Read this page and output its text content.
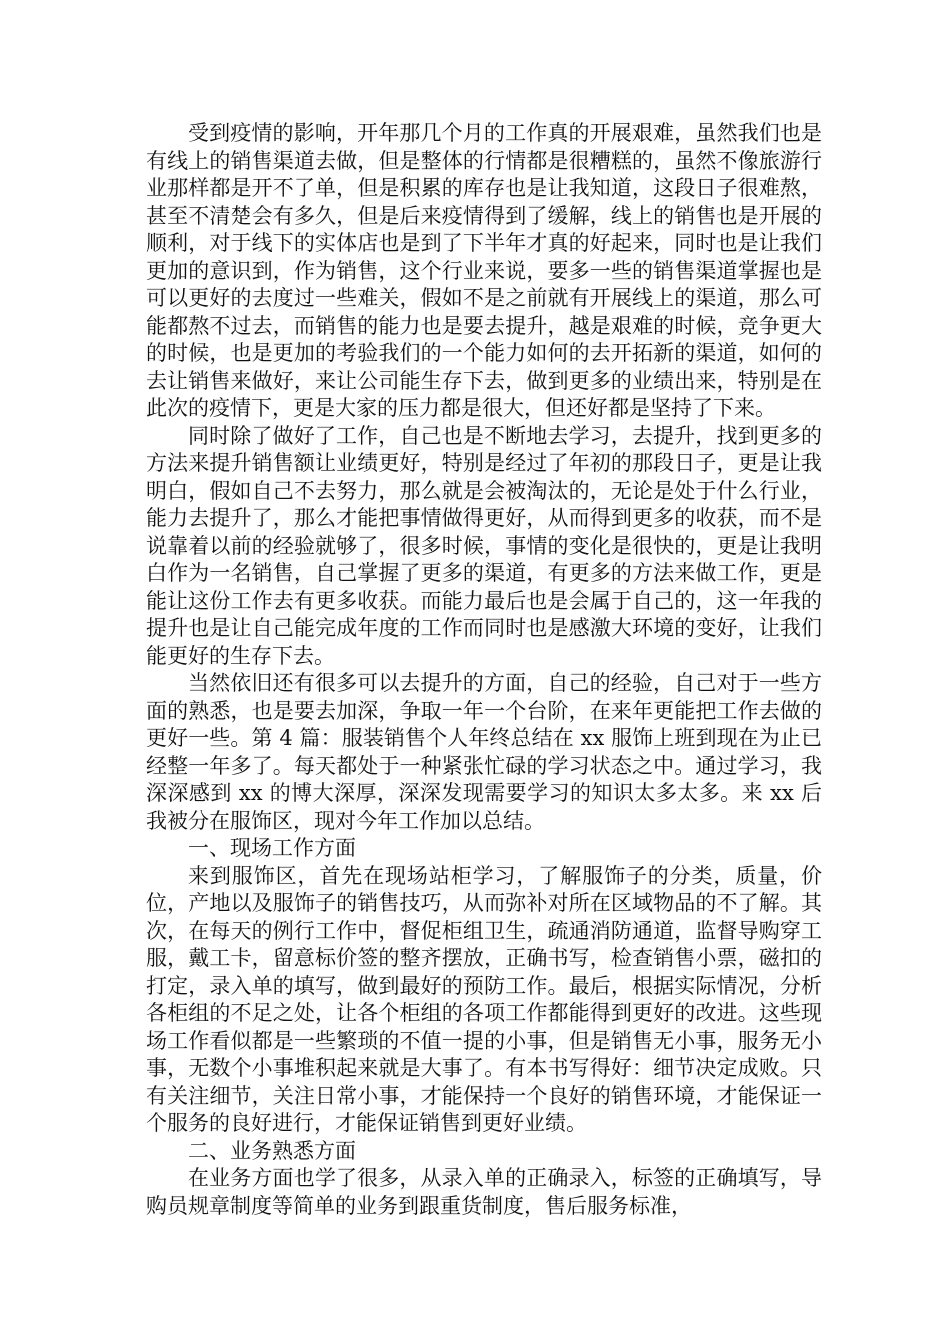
受到疫情的影响，开年那几个月的工作真的开展艰难，虽然我们也是有线上的销售渠道去做，但是整体的行情都是很糟糕的，虽然不像旅游行业那样都是开不了单，但是积累的库存也是让我知道，这段日子很难熬，甚至不清楚会有多久，但是后来疫情得到了缓解，线上的销售也是开展的顺利，对于线下的实体店也是到了下半年才真的好起来，同时也是让我们更加的意识到，作为销售，这个行业来说，要多一些的销售渠道掌握也是可以更好的去度过一些难关，假如不是之前就有开展线上的渠道，那么可能都熬不过去，而销售的能力也是要去提升，越是艰难的时候，竞争更大的时候，也是更加的考验我们的一个能力如何的去开拓新的渠道，如何的去让销售来做好，来让公司能生存下去，做到更多的业绩出来，特别是在此次的疫情下，更是大家的压力都是很大，但还好都是坚持了下来。

同时除了做好了工作，自己也是不断地去学习，去提升，找到更多的方法来提升销售额让业绩更好，特别是经过了年初的那段日子，更是让我明白，假如自己不去努力，那么就是会被淘汰的，无论是处于什么行业，能力去提升了，那么才能把事情做得更好，从而得到更多的收获，而不是说靠着以前的经验就够了，很多时候，事情的变化是很快的，更是让我明白作为一名销售，自己掌握了更多的渠道，有更多的方法来做工作，更是能让这份工作去有更多收获。而能力最后也是会属于自己的，这一年我的提升也是让自己能完成年度的工作而同时也是感激大环境的变好，让我们能更好的生存下去。

当然依旧还有很多可以去提升的方面，自己的经验，自己对于一些方面的熟悉，也是要去加深，争取一年一个台阶，在来年更能把工作去做的更好一些。第 4 篇：服装销售个人年终总结在 xx 服饰上班到现在为止已经整一年多了。每天都处于一种紧张忙碌的学习状态之中。通过学习，我深深感到 xx 的博大深厚，深深发现需要学习的知识太多太多。来 xx 后我被分在服饰区，现对今年工作加以总结。

一、现场工作方面

来到服饰区，首先在现场站柜学习，了解服饰子的分类，质量，价位，产地以及服饰子的销售技巧，从而弥补对所在区域物品的不了解。其次，在每天的例行工作中，督促柜组卫生，疏通消防通道，监督导购穿工服，戴工卡，留意标价签的整齐摆放，正确书写，检查销售小票，磁扣的打定，录入单的填写，做到最好的预防工作。最后，根据实际情况，分析各柜组的不足之处，让各个柜组的各项工作都能得到更好的改进。这些现场工作看似都是一些繁琐的不值一提的小事，但是销售无小事，服务无小事，无数个小事堆积起来就是大事了。有本书写得好：细节决定成败。只有关注细节，关注日常小事，才能保持一个良好的销售环境，才能保证一个服务的良好进行，才能保证销售到更好业绩。

二、业务熟悉方面

在业务方面也学了很多，从录入单的正确录入，标签的正确填写，导购员规章制度等简单的业务到跟重货制度，售后服务标准，
